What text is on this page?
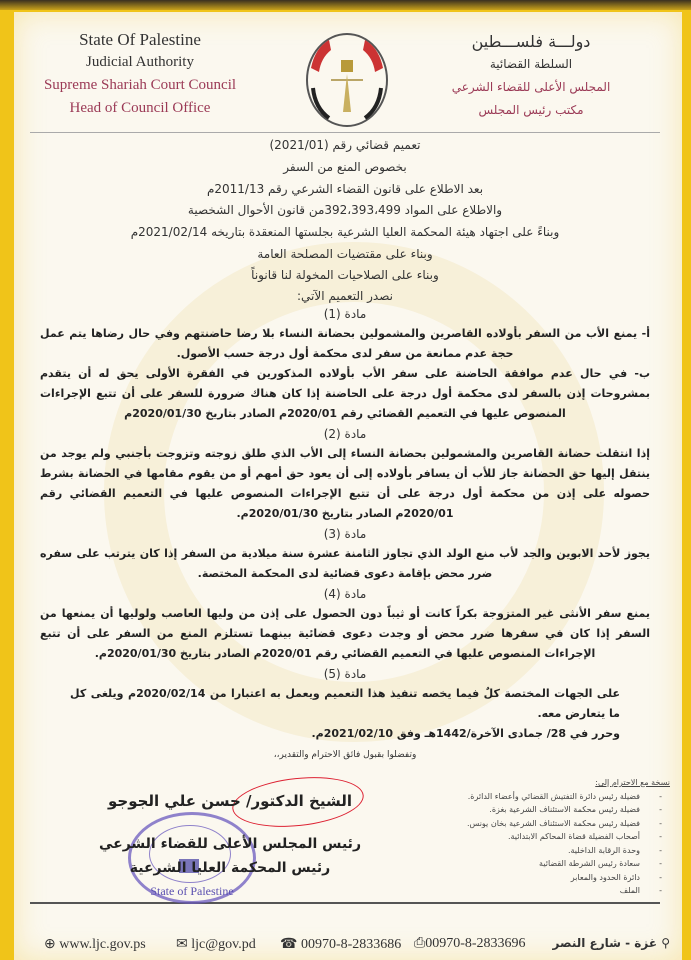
State Of Palestine
Judicial Authority
Supreme Shariah Court Council
Head of Council Office
دولـــة فلســـطين
السلطة القضائية
المجلس الأعلى للقضاء الشرعي
مكتب رئيس المجلس
تعميم قضائي رقم (2021/01)
بخصوص المنع من السفر
بعد الاطلاع على قانون القضاء الشرعي رقم 2011/13م
والاطلاع على المواد 392،393،499من قانون الأحوال الشخصية
وبناءً على اجتهاد هيئة المحكمة العليا الشرعية بجلستها المنعقدة بتاريخه 2021/02/14م
وبناء على مقتضيات المصلحة العامة
وبناء على الصلاحيات المخولة لنا قانوناً
نصدر التعميم الآتي:
مادة (1)
أ- يمنع الأب من السفر بأولاده القاصرين والمشمولين بحضانة النساء بلا رضا حاضنتهم وفي حال رضاها يتم عمل حجة عدم ممانعة من سفر لدى محكمة أول درجة حسب الأصول.
ب- في حال عدم موافقة الحاضنة على سفر الأب بأولاده المذكورين في الفقرة الأولى يحق له أن يتقدم بمشروحات إذن بالسفر لدى محكمة أول درجة على الحاضنة إذا كان هناك ضرورة للسفر على أن تتبع الإجراءات المنصوص عليها في التعميم القضائي رقم 2020/01م الصادر بتاريخ 2020/01/30م
مادة (2)
إذا انتقلت حضانة القاصرين والمشمولين بحضانة النساء إلى الأب الذي طلق زوجته وتزوجت بأجنبي ولم يوجد من ينتقل إليها حق الحضانة جاز للأب أن يسافر بأولاده إلى أن يعود حق أمهم أو من يقوم مقامها في الحضانة بشرط حصوله على إذن من محكمة أول درجة على أن تتبع الإجراءات المنصوص عليها في التعميم القضائي رقم 2020/01م الصادر بتاريخ 2020/01/30م.
مادة (3)
يجوز لأحد الابوين والجد لأب منع الولد الذي تجاوز الثامنة عشرة سنة ميلادية من السفر إذا كان يترتب على سفره ضرر محض بإقامة دعوى قضائية لدى المحكمة المختصة.
مادة (4)
يمنع سفر الأنثى غير المتزوجة بكراً كانت أو ثيباً دون الحصول على إذن من وليها العاصب ولوليها أن يمنعها من السفر إذا كان في سفرها ضرر محض أو وجدت دعوى قضائية بينهما تستلزم المنع من السفر على أن تتبع الإجراءات المنصوص عليها في التعميم القضائي رقم 2020/01م الصادر بتاريخ 2020/01/30م.
مادة (5)
على الجهات المختصة كلٌ فيما يخصه تنفيذ هذا التعميم ويعمل به اعتبارا من 2020/02/14م ويلغى كل ما يتعارض معه.
وحرر في 28/ جمادى الآخرة/1442هـ وفق 2021/02/10م.
وتفضلوا بقبول فائق الاحترام والتقدير،،
State of Palestine
الشيخ الدكتور/ حسن علي الجوجو
رئيس المجلس الأعلى للقضاء الشرعي
رئيس المحكمة العليا الشرعية
نسخة مع الاحترام إلى:
- فضيلة رئيس دائرة التفتيش القضائي وأعضاء الدائرة.
- فضيلة رئيس محكمة الاستئناف الشرعية بغزة.
- فضيلة رئيس محكمة الاستئناف الشرعية بخان يونس.
- أصحاب الفضيلة قضاة المحاكم الابتدائية.
- وحدة الرقابة الداخلية.
- سعادة رئيس الشرطة القضائية
- دائرة الحدود والمعابر
- الملف
⊕ www.ljc.gov.ps ✉ ljc@gov.pd ☎ 00970-8-2833686 ⎙00970-8-2833696	⚲ غزة - شارع النصر
